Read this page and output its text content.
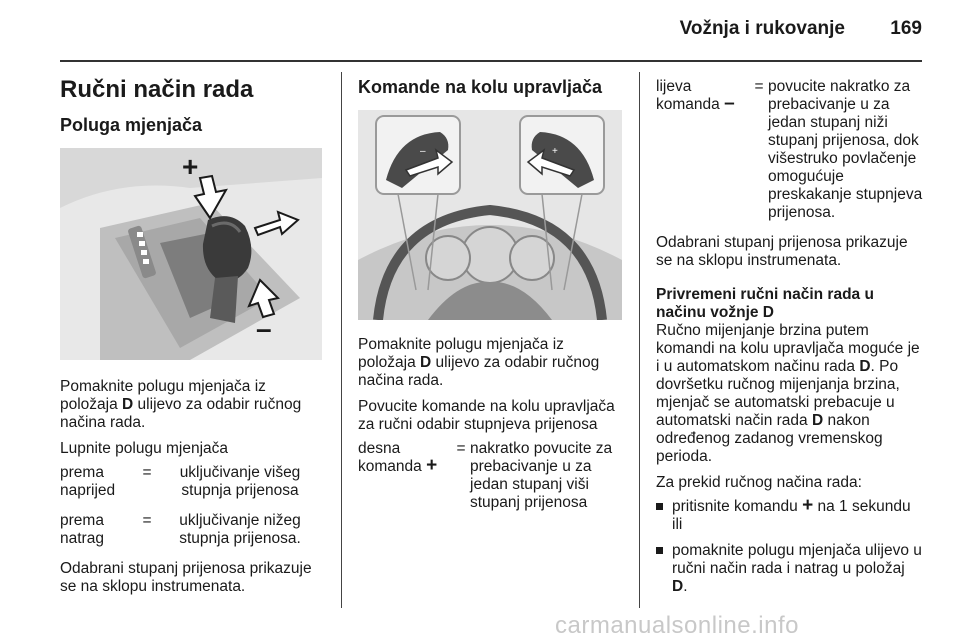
Vožnja i rukovanje 169
Ručni način rada
Poluga mjenjača
+
–

Pomaknite polugu mjenjača iz položaja D ulijevo za odabir ručnog načina rada.

Lupnite polugu mjenjača

prema
naprijed
=	uključivanje višeg stupnja prijenosa
prema
natrag
=	uključivanje nižeg stupnja prijenosa.

Odabrani stupanj prijenosa prikazuje se na sklopu instrumenata.

Komande na kolu upravljača
–	+

Pomaknite polugu mjenjača iz položaja D ulijevo za odabir ručnog načina rada.

Povucite komande na kolu upravljača za ručni odabir stupnjeva prijenosa

desna
komanda +
= nakratko povucite za prebacivanje u za jedan stupanj viši stupanj prijenosa
lijeva
komanda –
= povucite nakratko za prebacivanje u za jedan stupanj niži stupanj prijenosa, dok višestruko povlačenje omogućuje preskakanje stupnjeva prijenosa.

Odabrani stupanj prijenosa prikazuje se na sklopu instrumenata.

Privremeni ručni način rada u načinu vožnje D

Ručno mijenjanje brzina putem komandi na kolu upravljača moguće je i u automatskom načinu rada D. Po dovršetku ručnog mijenjanja brzina, mjenjač se automatski prebacuje u automatski način rada D nakon određenog zadanog vremenskog perioda.

Za prekid ručnog načina rada:

pritisnite komandu + na 1 sekundu ili
pomaknite polugu mjenjača ulijevo u ručni način rada i natrag u položaj D.
carmanualsonline.info
